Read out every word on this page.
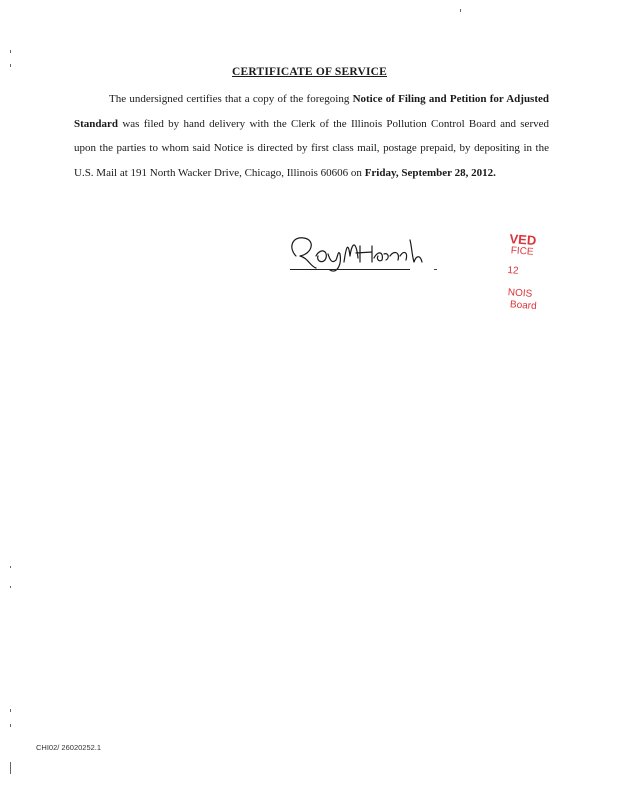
CERTIFICATE OF SERVICE

The undersigned certifies that a copy of the foregoing Notice of Filing and Petition for Adjusted Standard was filed by hand delivery with the Clerk of the Illinois Pollution Control Board and served upon the parties to whom said Notice is directed by first class mail, postage prepaid, by depositing in the U.S. Mail at 191 North Wacker Drive, Chicago, Illinois 60606 on Friday, September 28, 2012.

VED
FICE
12
NOIS
Board
CHI02/ 26020252.1
